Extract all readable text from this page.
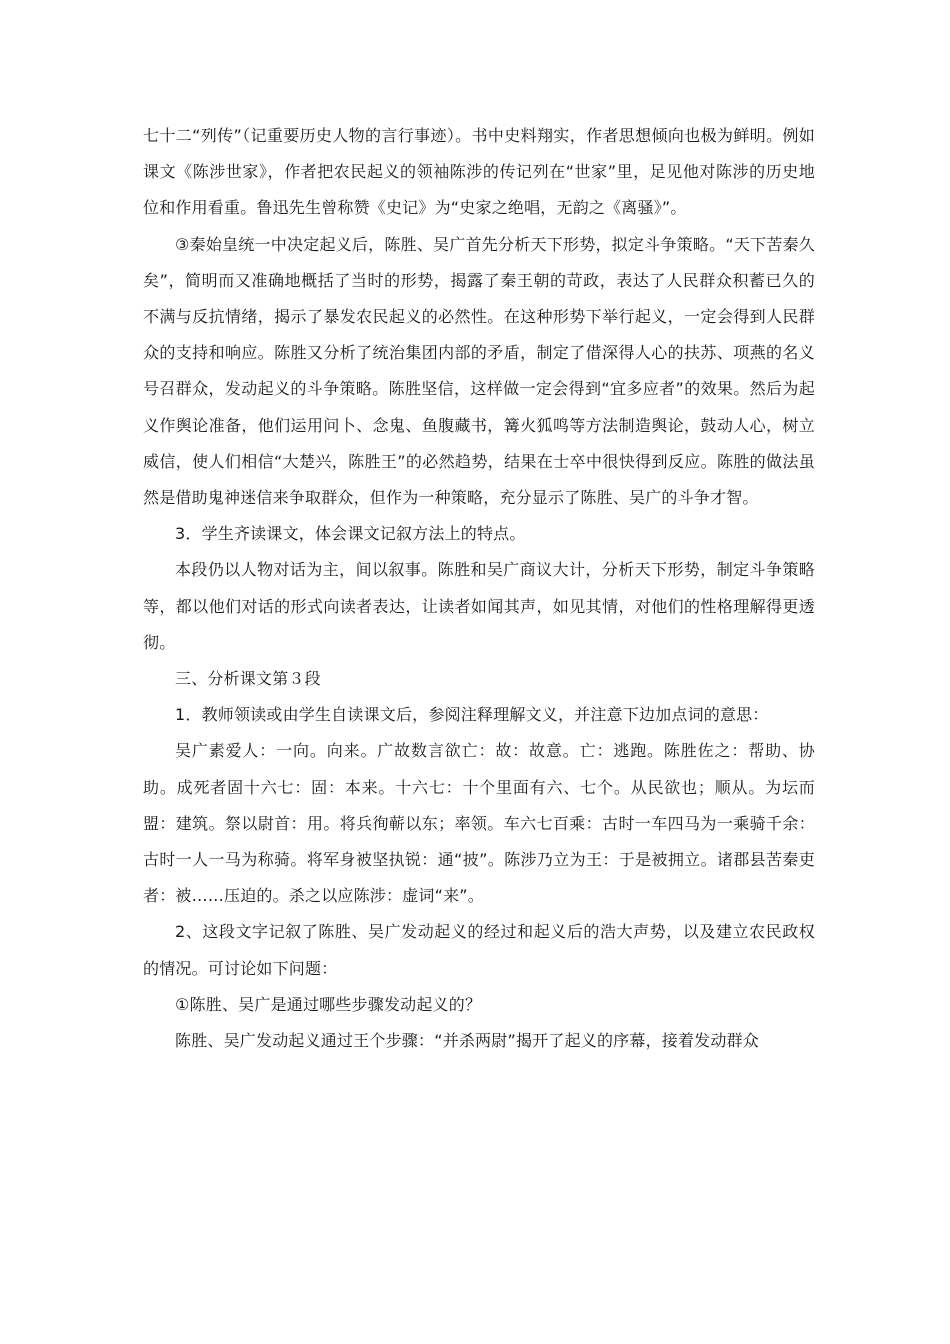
七十二“列传”（记重要历史人物的言行事迹）。书中史料翔实，作者思想倾向也极为鲜明。例如课文《陈涉世家》，作者把农民起义的领袖陈涉的传记列在“世家”里，足见他对陈涉的历史地位和作用看重。鲁迅先生曾称赞《史记》为“史家之绝唱，无韵之《离骚》”。

③秦始皇统一中决定起义后，陈胜、吴广首先分析天下形势，拟定斗争策略。“天下苦秦久矣”，简明而又准确地概括了当时的形势，揭露了秦王朝的苛政，表达了人民群众积蓄已久的不满与反抗情绪，揭示了暴发农民起义的必然性。在这种形势下举行起义，一定会得到人民群众的支持和响应。陈胜又分析了统治集团内部的矛盾，制定了借深得人心的扶苏、项燕的名义号召群众，发动起义的斗争策略。陈胜坚信，这样做一定会得到“宜多应者”的效果。然后为起义作舆论准备，他们运用问卜、念鬼、鱼腹藏书，篝火狐鸣等方法制造舆论，鼓动人心，树立威信，使人们相信“大楚兴，陈胜王”的必然趋势，结果在士卒中很快得到反应。陈胜的做法虽然是借助鬼神迷信来争取群众，但作为一种策略，充分显示了陈胜、吴广的斗争才智。

3．学生齐读课文，体会课文记叙方法上的特点。

本段仍以人物对话为主，间以叙事。陈胜和吴广商议大计，分析天下形势，制定斗争策略等，都以他们对话的形式向读者表达，让读者如闻其声，如见其情，对他们的性格理解得更透彻。

三、分析课文第３段

1．教师领读或由学生自读课文后，参阅注释理解文义，并注意下边加点词的意思：

吴广素爱人：一向。向来。广故数言欲亡：故：故意。亡：逃跑。陈胜佐之：帮助、协助。成死者固十六七：固：本来。十六七：十个里面有六、七个。从民欲也；顺从。为坛而盟：建筑。祭以尉首：用。将兵徇蕲以东；率领。车六七百乘：古时一车四马为一乘骑千余：古时一人一马为称骑。将军身被坚执锐：通“披”。陈涉乃立为王：于是被拥立。诸郡县苦秦吏者：被……压迫的。杀之以应陈涉：虚词“来”。

2、这段文字记叙了陈胜、吴广发动起义的经过和起义后的浩大声势，以及建立农民政权的情况。可讨论如下问题：

①陈胜、吴广是通过哪些步骤发动起义的？

陈胜、吴广发动起义通过王个步骤：“并杀两尉”揭开了起义的序幕，接着发动群众
